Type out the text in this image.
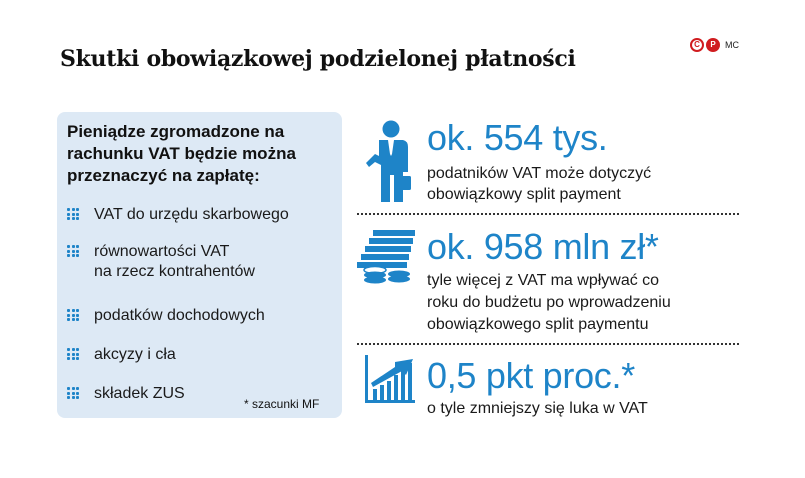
Skutki obowiązkowej podzielonej płatności
C	P	MC
Pieniądze zgromadzone na
rachunku VAT będzie można
przeznaczyć na zapłatę:
VAT do urzędu skarbowego
równowartości VAT
na rzecz kontrahentów
podatków dochodowych
akcyzy i cła
składek ZUS
* szacunki MF
ok. 554 tys.
podatników VAT może dotyczyć
obowiązkowy split payment
ok. 958 mln zł*
tyle więcej z VAT ma wpływać co
roku do budżetu po wprowadzeniu
obowiązkowego split paymentu
0,5 pkt proc.*
o tyle zmniejszy się luka w VAT
